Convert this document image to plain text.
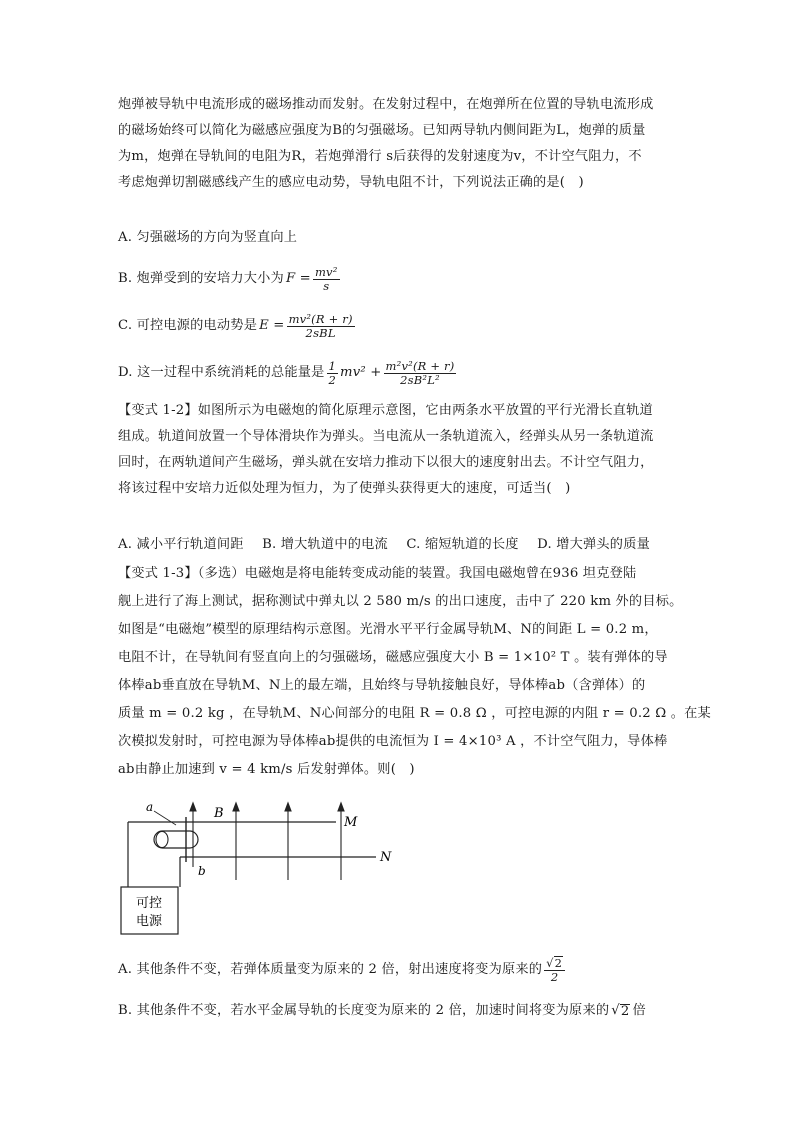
炮弹被导轨中电流形成的磁场推动而发射。在发射过程中，在炮弹所在位置的导轨电流形成
的磁场始终可以简化为磁感应强度为B的匀强磁场。已知两导轨内侧间距为L，炮弹的质量
为m，炮弹在导轨间的电阻为R，若炮弹滑行 s后获得的发射速度为v，不计空气阻力，不
考虑炮弹切割磁感线产生的感应电动势，导轨电阻不计，下列说法正确的是(　)
A. 匀强磁场的方向为竖直向上
B. 炮弹受到的安培力大小为 $F = \frac{\text{mv²}}{s}$
C. 可控电源的电动势是 $E = \frac{\text{mv²(R + r)}}{\text{2sBL}}$
D. 这一过程中系统消耗的总能量是 $\frac{1}{2} mv^2 + \frac{\text{m²v²(R + r)}}{\text{2sB²L²}}$
【变式 1-2】如图所示为电磁炮的简化原理示意图，它由两条水平放置的平行光滑长直轨道
组成。轨道间放置一个导体滑块作为弹头。当电流从一条轨道流入，经弹头从另一条轨道流
回时，在两轨道间产生磁场，弹头就在安培力推动下以很大的速度射出去。不计空气阻力，
将该过程中安培力近似处理为恒力，为了使弹头获得更大的速度，可适当(　)
A. 减小平行轨道间距 B. 增大轨道中的电流 C. 缩短轨道的长度 D. 增大弹头的质量
【变式 1-3】（多选）电磁炮是将电能转变成动能的装置。我国电磁炮曾在936 坦克登陆
舰上进行了海上测试，据称测试中弹丸以 2 580 m/s 的出口速度，击中了 220 km 外的目标。
如图是“电磁炮”模型的原理结构示意图。光滑水平平行金属导轨M、N的间距 L = 0.2 m，
电阻不计，在导轨间有竖直向上的匀强磁场，磁感应强度大小 B = 1×10² T 。装有弹体的导
体棒ab垂直放在导轨M、N上的最左端，且始终与导轨接触良好，导体棒ab（含弹体）的
质量 m = 0.2 kg ，在导轨M、N心间部分的电阻 R = 0.8 Ω ，可控电源的内阻 r = 0.2 Ω 。在某
次模拟发射时，可控电源为导体棒ab提供的电流恒为 I = 4×10³ A ，不计空气阻力，导体棒
ab由静止加速到 v = 4 km/s 后发射弹体。则(　)
可控
电源
a
b
B
M
N
A. 其他条件不变，若弹体质量变为原来的 2 倍，射出速度将变为原来的 $\frac{√ 2}{2}$
B. 其他条件不变，若水平金属导轨的长度变为原来的 2 倍，加速时间将变为原来的 √ 2 倍
